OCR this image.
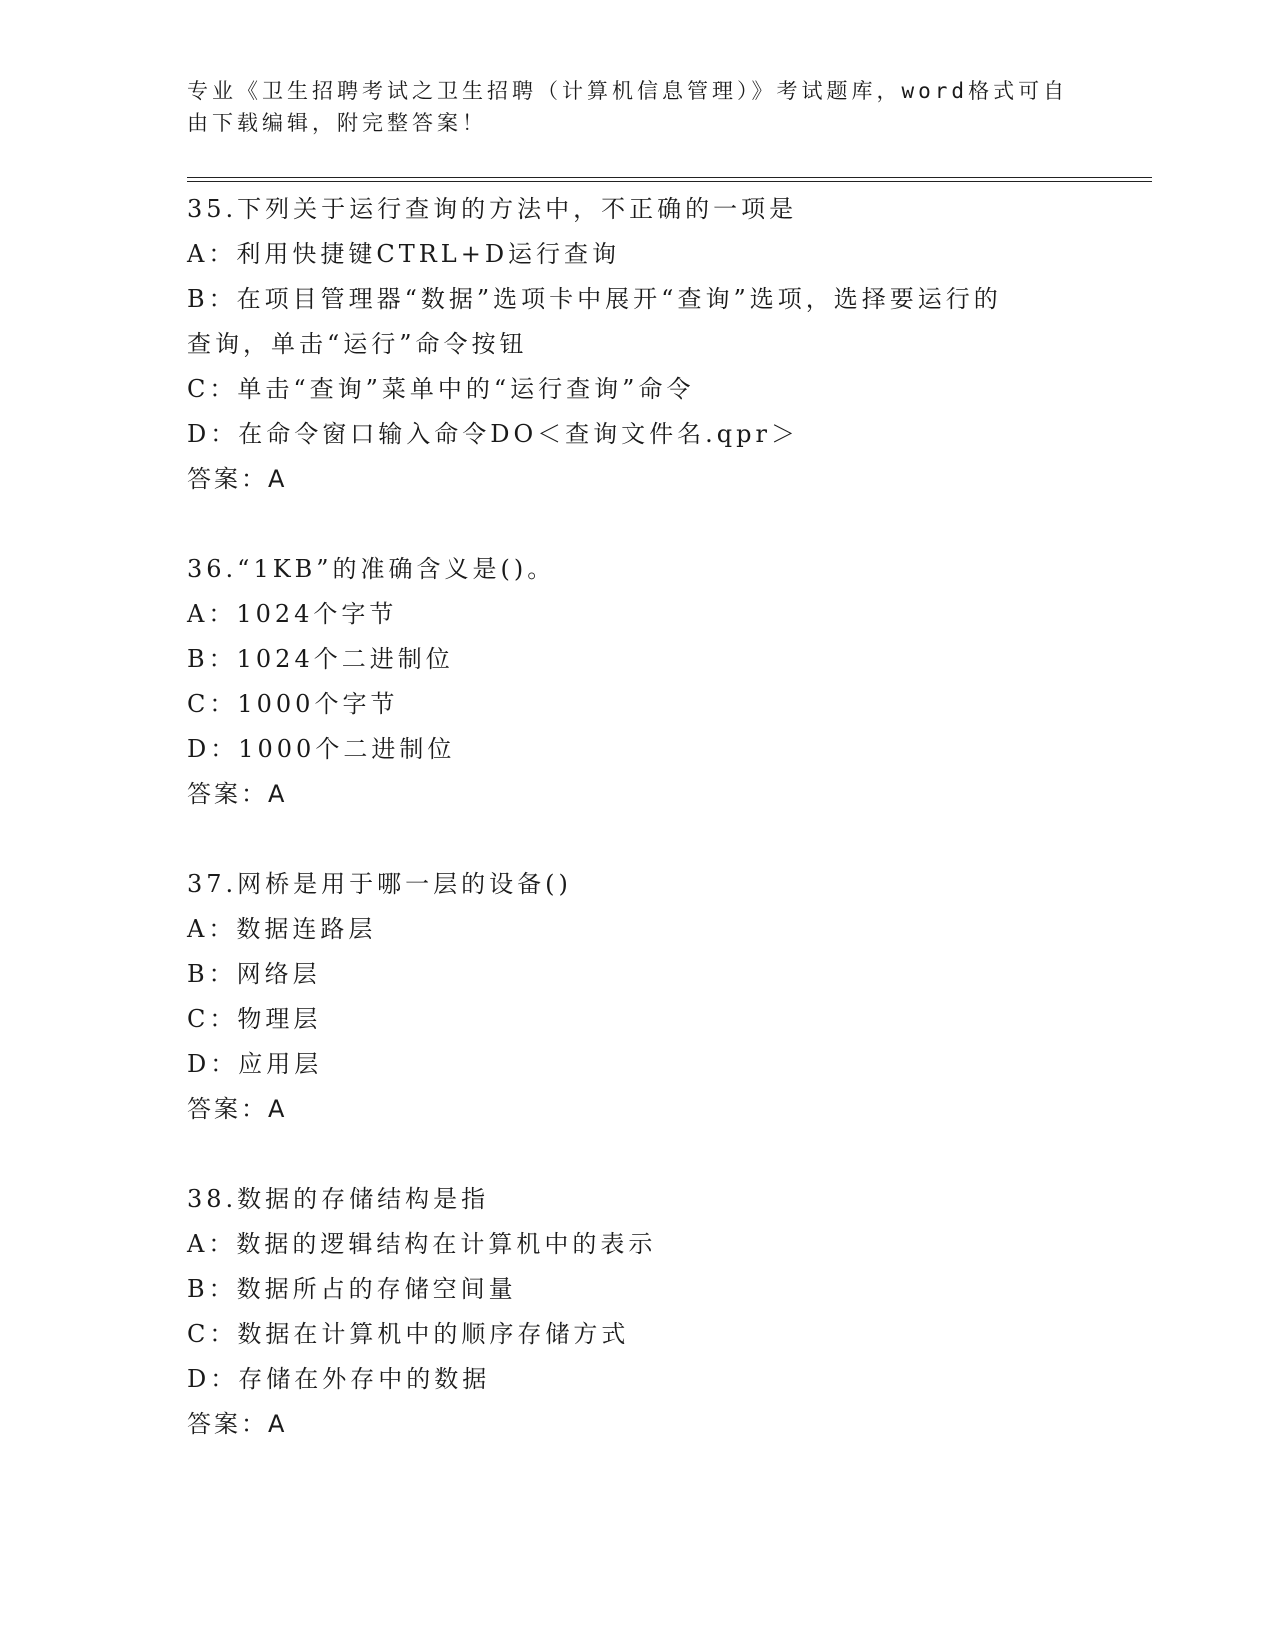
专业《卫生招聘考试之卫生招聘（计算机信息管理）》考试题库，word格式可自
由下载编辑，附完整答案！
35.下列关于运行查询的方法中，不正确的一项是
A：利用快捷键CTRL+D运行查询
B：在项目管理器“数据”选项卡中展开“查询”选项，选择要运行的
查询，单击“运行”命令按钮
C：单击“查询”菜单中的“运行查询”命令
D：在命令窗口输入命令DO＜查询文件名.qpr＞
答案：A
36.“1KB”的准确含义是()。
A：1024个字节
B：1024个二进制位
C：1000个字节
D：1000个二进制位
答案：A
37.网桥是用于哪一层的设备()
A：数据连路层
B：网络层
C：物理层
D：应用层
答案：A
38.数据的存储结构是指
A：数据的逻辑结构在计算机中的表示
B：数据所占的存储空间量
C：数据在计算机中的顺序存储方式
D：存储在外存中的数据
答案：A
